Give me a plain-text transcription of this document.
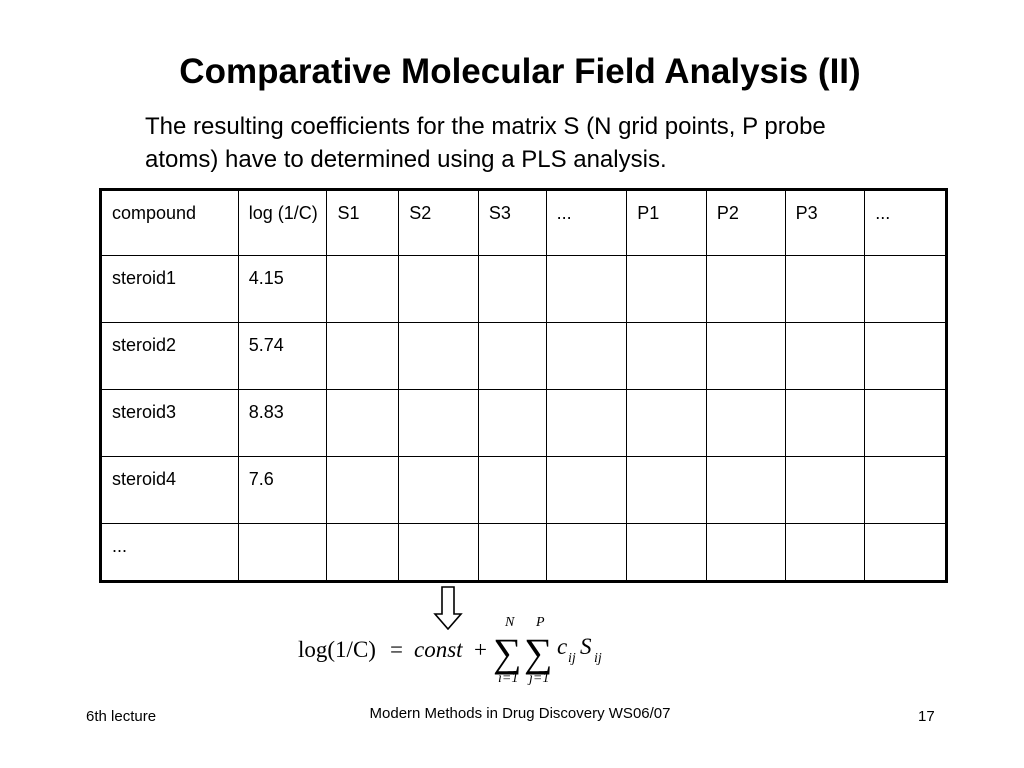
Comparative Molecular Field Analysis (II)
The resulting coefficients for the matrix S (N grid points, P probe atoms) have to determined using a PLS analysis.
compound	log (1/C)	S1	S2	S3	...	P1	P2	P3	...
steroid1	4.15								
steroid2	5.74								
steroid3	8.83								
steroid4	7.6								
...									
log(1/C) = const +
N
∑
i=1
P
∑
j=1
c ij S ij
6th lecture	Modern Methods in Drug Discovery WS06/07	17
